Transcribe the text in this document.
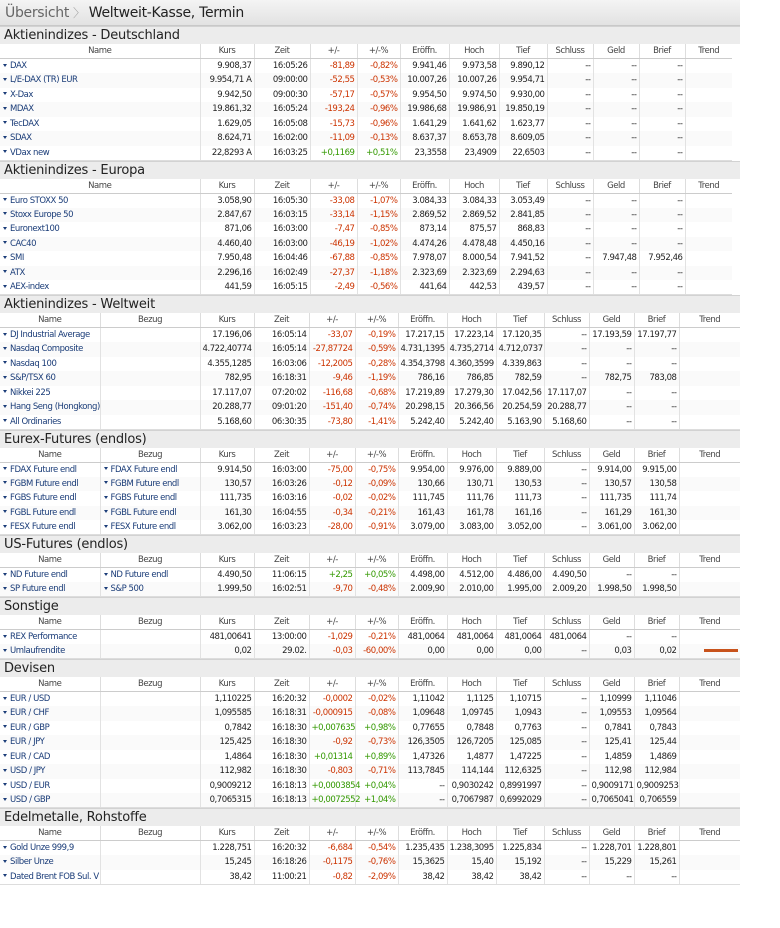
Übersicht 〉 Weltweit-Kasse, Termin
Aktienindizes - Deutschland
Name	Kurs	Zeit	+/-	+/-%	Eröffn.	Hoch	Tief	Schluss	Geld	Brief	Trend
DAX	9.908,37	16:05:26	-81,89	-0,82%	9.941,46	9.973,58	9.890,12	--	--	--	
L/E-DAX (TR) EUR	9.954,71 A	09:00:00	-52,55	-0,53%	10.007,26	10.007,26	9.954,71	--	--	--	
X-Dax	9.942,50	09:00:30	-57,17	-0,57%	9.954,50	9.974,50	9.930,00	--	--	--	
MDAX	19.861,32	16:05:24	-193,24	-0,96%	19.986,68	19.986,91	19.850,19	--	--	--	
TecDAX	1.629,05	16:05:08	-15,73	-0,96%	1.641,29	1.641,62	1.623,77	--	--	--	
SDAX	8.624,71	16:02:00	-11,09	-0,13%	8.637,37	8.653,78	8.609,05	--	--	--	
VDax new	22,8293 A	16:03:25	+0,1169	+0,51%	23,3558	23,4909	22,6503	--	--	--	
Aktienindizes - Europa
Name	Kurs	Zeit	+/-	+/-%	Eröffn.	Hoch	Tief	Schluss	Geld	Brief	Trend
Euro STOXX 50	3.058,90	16:05:30	-33,08	-1,07%	3.084,33	3.084,33	3.053,49	--	--	--	
Stoxx Europe 50	2.847,67	16:03:15	-33,14	-1,15%	2.869,52	2.869,52	2.841,85	--	--	--	
Euronext100	871,06	16:03:00	-7,47	-0,85%	873,14	875,57	868,83	--	--	--	
CAC40	4.460,40	16:03:00	-46,19	-1,02%	4.474,26	4.478,48	4.450,16	--	--	--	
SMI	7.950,48	16:04:46	-67,88	-0,85%	7.978,07	8.000,54	7.941,52	--	7.947,48	7.952,46	
ATX	2.296,16	16:02:49	-27,37	-1,18%	2.323,69	2.323,69	2.294,63	--	--	--	
AEX-index	441,59	16:05:15	-2,49	-0,56%	441,64	442,53	439,57	--	--	--	
Aktienindizes - Weltweit
Name	Bezug	Kurs	Zeit	+/-	+/-%	Eröffn.	Hoch	Tief	Schluss	Geld	Brief	Trend
DJ Industrial Average		17.196,06	16:05:14	-33,07	-0,19%	17.217,15	17.223,14	17.120,35	--	17.193,59	17.197,77	
Nasdaq Composite		4.722,40774	16:05:14	-27,87724	-0,59%	4.731,1395	4.735,2714	4.712,0737	--	--	--	
Nasdaq 100		4.355,1285	16:03:06	-12,2005	-0,28%	4.354,3798	4.360,3599	4.339,863	--	--	--	
S&P/TSX 60		782,95	16:18:31	-9,46	-1,19%	786,16	786,85	782,59	--	782,75	783,08	
Nikkei 225		17.117,07	07:20:02	-116,68	-0,68%	17.219,89	17.279,30	17.042,56	17.117,07	--	--	
Hang Seng (Hongkong)		20.288,77	09:01:20	-151,40	-0,74%	20.298,15	20.366,56	20.254,59	20.288,77	--	--	
All Ordinaries		5.168,60	06:30:35	-73,80	-1,41%	5.242,40	5.242,40	5.163,90	5.168,60	--	--	
Eurex-Futures (endlos)
Name	Bezug	Kurs	Zeit	+/-	+/-%	Eröffn.	Hoch	Tief	Schluss	Geld	Brief	Trend
FDAX Future endl	FDAX Future endl	9.914,50	16:03:00	-75,00	-0,75%	9.954,00	9.976,00	9.889,00	--	9.914,00	9.915,00	
FGBM Future endl	FGBM Future endl	130,57	16:03:26	-0,12	-0,09%	130,66	130,71	130,53	--	130,57	130,58	
FGBS Future endl	FGBS Future endl	111,735	16:03:16	-0,02	-0,02%	111,745	111,76	111,73	--	111,735	111,74	
FGBL Future endl	FGBL Future endl	161,30	16:04:55	-0,34	-0,21%	161,43	161,78	161,16	--	161,29	161,30	
FESX Future endl	FESX Future endl	3.062,00	16:03:23	-28,00	-0,91%	3.079,00	3.083,00	3.052,00	--	3.061,00	3.062,00	
US-Futures (endlos)
Name	Bezug	Kurs	Zeit	+/-	+/-%	Eröffn.	Hoch	Tief	Schluss	Geld	Brief	Trend
ND Future endl	ND Future endl	4.490,50	11:06:15	+2,25	+0,05%	4.498,00	4.512,00	4.486,00	4.490,50	--	--	
SP Future endl	S&P 500	1.999,50	16:02:51	-9,70	-0,48%	2.009,90	2.010,00	1.995,00	2.009,20	1.998,50	1.998,50	
Sonstige
Name	Bezug	Kurs	Zeit	+/-	+/-%	Eröffn.	Hoch	Tief	Schluss	Geld	Brief	Trend
REX Performance		481,00641	13:00:00	-1,029	-0,21%	481,0064	481,0064	481,0064	481,0064	--	--	
Umlaufrendite		0,02	29.02.	-0,03	-60,00%	0,00	0,00	0,00	--	0,03	0,02	
Devisen
Name	Bezug	Kurs	Zeit	+/-	+/-%	Eröffn.	Hoch	Tief	Schluss	Geld	Brief	Trend
EUR / USD		1,110225	16:20:32	-0,0002	-0,02%	1,11042	1,1125	1,10715	--	1,10999	1,11046	
EUR / CHF		1,095585	16:18:31	-0,000915	-0,08%	1,09648	1,09745	1,0943	--	1,09553	1,09564	
EUR / GBP		0,7842	16:18:30	+0,007635	+0,98%	0,77655	0,7848	0,7763	--	0,7841	0,7843	
EUR / JPY		125,425	16:18:30	-0,92	-0,73%	126,3505	126,7205	125,085	--	125,41	125,44	
EUR / CAD		1,4864	16:18:30	+0,01314	+0,89%	1,47326	1,4877	1,47225	--	1,4859	1,4869	
USD / JPY		112,982	16:18:30	-0,803	-0,71%	113,7845	114,144	112,6325	--	112,98	112,984	
USD / EUR		0,9009212	16:18:13	+0,0003854	+0,04%	--	0,9030242	0,8991997	--	0,9009171	0,9009253	
USD / GBP		0,7065315	16:18:13	+0,0072552	+1,04%	--	0,7067987	0,6992029	--	0,7065041	0,706559	
Edelmetalle, Rohstoffe
Name	Bezug	Kurs	Zeit	+/-	+/-%	Eröffn.	Hoch	Tief	Schluss	Geld	Brief	Trend
Gold Unze 999,9		1.228,751	16:20:32	-6,684	-0,54%	1.235,435	1.238,3095	1.225,834	--	1.228,701	1.228,801	
Silber Unze		15,245	16:18:26	-0,1175	-0,76%	15,3625	15,40	15,192	--	15,229	15,261	
Dated Brent FOB Sul. V		38,42	11:00:21	-0,82	-2,09%	38,42	38,42	38,42	--	--	--	
